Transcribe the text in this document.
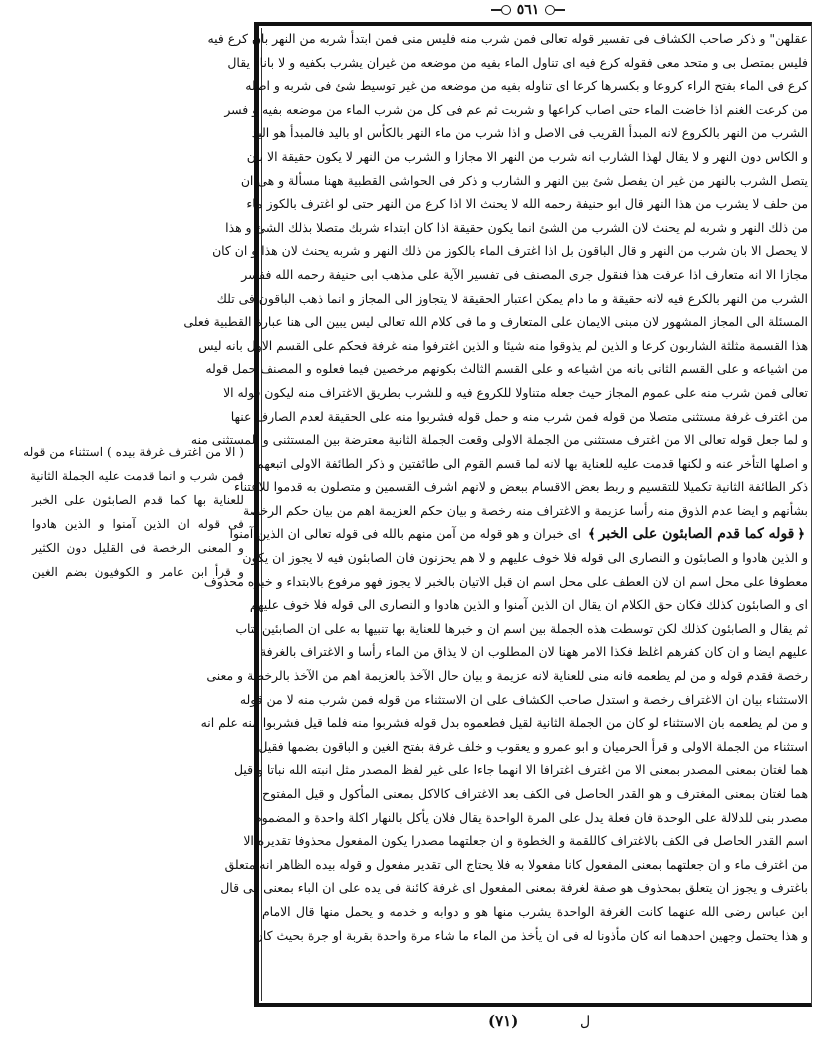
٥٦١
عقلهن" و ذكر صاحب الكشاف فى تفسير قوله تعالى فمن شرب منه فليس منى فمن ابتدأ شربه من النهر بان كرع فيه
فليس بمتصل بى و متحد معى فقوله كرع فيه اى تناول الماء بفيه من موضعه من غيران يشرب بكفيه و لا باناء يقال
كرع فى الماء بفتح الراء كروعا و بكسرها كرعا اى تناوله بفيه من موضعه من غير توسيط شئ فى شربه و اصله
من كرعت الغنم اذا خاضت الماء حتى اصاب كراعها و شربت ثم عم فى كل من شرب الماء من موضعه بفيه و فسر
الشرب من النهر بالكروع لانه المبدأ القريب فى الاصل و اذا شرب من ماء النهر بالكأس او باليد فالمبدأ هو اليد
و الكاس دون النهر و لا يقال لهذا الشارب انه شرب من النهر الا مجازا و الشرب من النهر لا يكون حقيقة الا بان
يتصل الشرب بالنهر من غير ان يفصل شئ بين النهر و الشارب و ذكر فى الحواشى القطبية ههنا مسألة و هى ان
من حلف لا يشرب من هذا النهر قال ابو حنيفة رحمه الله لا يحنث الا اذا كرع من النهر حتى لو اغترف بالكوز ماء
من ذلك النهر و شربه لم يحنث لان الشرب من الشئ انما يكون حقيقة اذا كان ابتداء شربك متصلا بذلك الشئ و هذا
لا يحصل الا بان شرب من النهر و قال الباقون بل اذا اغترف الماء بالكوز من ذلك النهر و شربه يحنث لان هذا و ان كان
مجازا الا انه متعارف اذا عرفت هذا فنقول جرى المصنف فى تفسير الآية على مذهب ابى حنيفة رحمه الله ففسر
الشرب من النهر بالكرع فيه لانه حقيقة و ما دام يمكن اعتبار الحقيقة لا يتجاوز الى المجاز و انما ذهب الباقون فى تلك
المسئلة الى المجاز المشهور لان مبنى الايمان على المتعارف و ما فى كلام الله تعالى ليس يبين الى هنا عبارة القطبية فعلى
هذا القسمة مثلثة الشاربون كرعا و الذين لم يذوقوا منه شيئا و الذين اغترفوا منه غرفة فحكم على القسم الاول بانه ليس
من اشياعه و على القسم الثانى بانه من اشياعه و على القسم الثالث بكونهم مرخصين فيما فعلوه و المصنف حمل قوله
تعالى فمن شرب منه على عموم المجاز حيث جعله متناولا للكروع فيه و للشرب بطريق الاغتراف منه ليكون قوله الا
من اغترف غرفة مستثنى متصلا من قوله فمن شرب منه و حمل قوله فشربوا منه على الحقيقة لعدم الصارف عنها
و لما جعل قوله تعالى الا من اغترف مستثنى من الجملة الاولى وقعت الجملة الثانية معترضة بين المستثنى و المستثنى منه
و اصلها التأخر عنه و لكنها قدمت عليه للعناية بها لانه لما قسم القوم الى طائفتين و ذكر الطائفة الاولى اتبعهم
ذكر الطائفة الثانية تكميلا للتقسيم و ربط بعض الاقسام ببعض و لانهم اشرف القسمين و متصلون به قدموا للاعتناء
بشأنهم و ايضا عدم الذوق منه رأسا عزيمة و الاغتراف منه رخصة و بيان حكم العزيمة اهم من بيان حكم الرخصة
﴿قوله كما قدم الصابئون على الخبر﴾ اى خبران و هو قوله من آمن منهم بالله فى قوله تعالى ان الذين آمنوا
و الذين هادوا و الصابئون و النصارى الى قوله فلا خوف عليهم و لا هم يحزنون فان الصابئون فيه لا يجوز ان يكون
معطوفا على محل اسم ان لان العطف على محل اسم ان قبل الاتيان بالخبر لا يجوز فهو مرفوع بالابتداء و خبره محذوف
اى و الصابئون كذلك فكان حق الكلام ان يقال ان الذين آمنوا و الذين هادوا و النصارى الى قوله فلا خوف عليهم
ثم يقال و الصابئون كذلك لكن توسطت هذه الجملة بين اسم ان و خبرها للعناية بها تنبيها به على ان الصابئين يتاب
عليهم ايضا و ان كان كفرهم اغلظ فكذا الامر ههنا لان المطلوب ان لا يذاق من الماء رأسا و الاغتراف بالغرفة
رخصة فقدم قوله و من لم يطعمه فانه منى للعناية لانه عزيمة و بيان حال الآخذ بالعزيمة اهم من الآخذ بالرخصة و معنى
الاستثناء بيان ان الاغتراف رخصة و استدل صاحب الكشاف على ان الاستثناء من قوله فمن شرب منه لا من قوله
و من لم يطعمه بان الاستثناء لو كان من الجملة الثانية لقيل فطعموه بدل قوله فشربوا منه فلما قيل فشربوا منه علم انه
استثناء من الجملة الاولى و قرأ الحرميان و ابو عمرو و يعقوب و خلف غرفة بفتح الغين و الباقون بضمها فقيل
هما لغتان بمعنى المصدر بمعنى الا من اغترف اغترافا الا انهما جاءا على غير لفظ المصدر مثل انبته الله نباتا و قيل
هما لغتان بمعنى المغترف و هو القدر الحاصل فى الكف بعد الاغتراف كالاكل بمعنى المأكول و قيل المفتوح
مصدر بنى للدلالة على الوحدة فان فعلة يدل على المرة الواحدة يقال فلان يأكل بالنهار اكلة واحدة و المضموم
اسم القدر الحاصل فى الكف بالاغتراف كاللقمة و الخطوة و ان جعلتهما مصدرا يكون المفعول محذوفا تقديره الا
من اغترف ماء و ان جعلتهما بمعنى المفعول كانا مفعولا به فلا يحتاج الى تقدير مفعول و قوله بيده الظاهر انه متعلق
باغترف و يجوز ان يتعلق بمحذوف هو صفة لغرفة بمعنى المفعول اى غرفة كائنة فى يده على ان الباء بمعنى فى قال
ابن عباس رضى الله عنهما كانت الغرفة الواحدة يشرب منها هو و دوابه و خدمه و يحمل منها قال الامام
و هذا يحتمل وجهين احدهما انه كان مأذونا له فى ان يأخذ من الماء ما شاء مرة واحدة بقربة او جرة بحيث كان
( الا من اغترف غرفة بيده ) استثناء من قوله
فمن شرب و انما قدمت عليه الجملة الثانية
للعناية بها كما قدم الصابئون على الخبر
فى قوله ان الذين آمنوا و الذين هادوا
و المعنى الرخصة فى القليل دون الكثير
و قرأ ابن عامر و الكوفيون بضم الغين
(٧١)	ل
